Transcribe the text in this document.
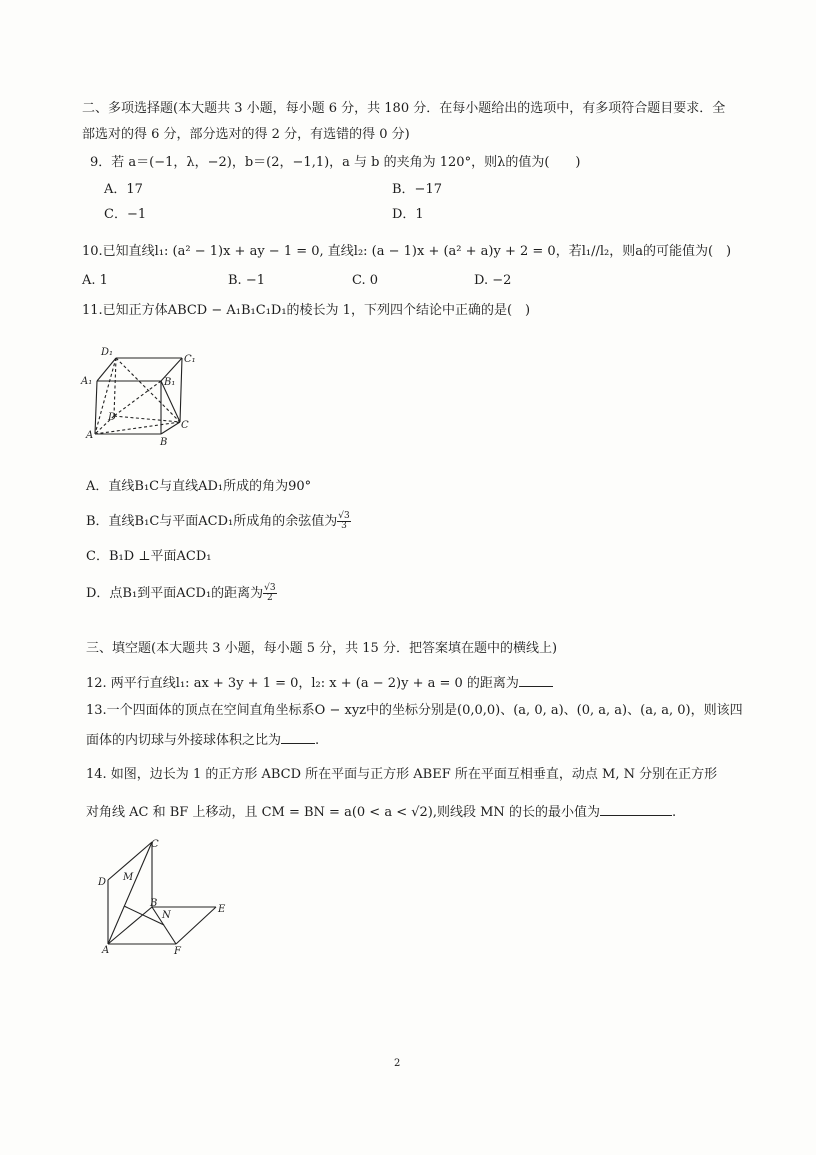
二、多项选择题(本大题共 3 小题，每小题 6 分，共 180 分．在每小题给出的选项中，有多项符合题目要求．全
部选对的得 6 分，部分选对的得 2 分，有选错的得 0 分)
9．若 a＝(−1，λ，−2)，b＝(2，−1,1)，a 与 b 的夹角为 120°，则λ的值为(　　)
A．17	B．−17
C．−1	D．1
10.已知直线l₁: (a² − 1)x + ay − 1 = 0, 直线l₂: (a − 1)x + (a² + a)y + 2 = 0，若l₁//l₂，则a的可能值为(　)
A. 1	B. −1	C. 0	D. −2
11.已知正方体ABCD − A₁B₁C₁D₁的棱长为 1，下列四个结论中正确的是(　)
D₁
C₁
A₁	B₁
D
A
B
C
A．直线B₁C与直线AD₁所成的角为90°
B．直线B₁C与平面ACD₁所成角的余弦值为 $\frac{√3}{3}$
C．B₁D ⊥平面ACD₁
D．点B₁到平面ACD₁的距离为 $\frac{√3}{2}$
三、填空题(本大题共 3 小题，每小题 5 分，共 15 分．把答案填在题中的横线上)
12. 两平行直线l₁: ax + 3y + 1 = 0，l₂: x + (a − 2)y + a = 0 的距离为
13.一个四面体的顶点在空间直角坐标系O − xyz中的坐标分别是(0,0,0)、(a, 0, a)、(0, a, a)、(a, a, 0)，则该四
面体的内切球与外接球体积之比为	.
14. 如图，边长为 1 的正方形 ABCD 所在平面与正方形 ABEF 所在平面互相垂直，动点 M, N 分别在正方形
对角线 AC 和 BF 上移动，且 CM = BN = a(0 < a < √2),则线段 MN 的长的最小值为	.
C
D M
B
N
E
A	F
2
